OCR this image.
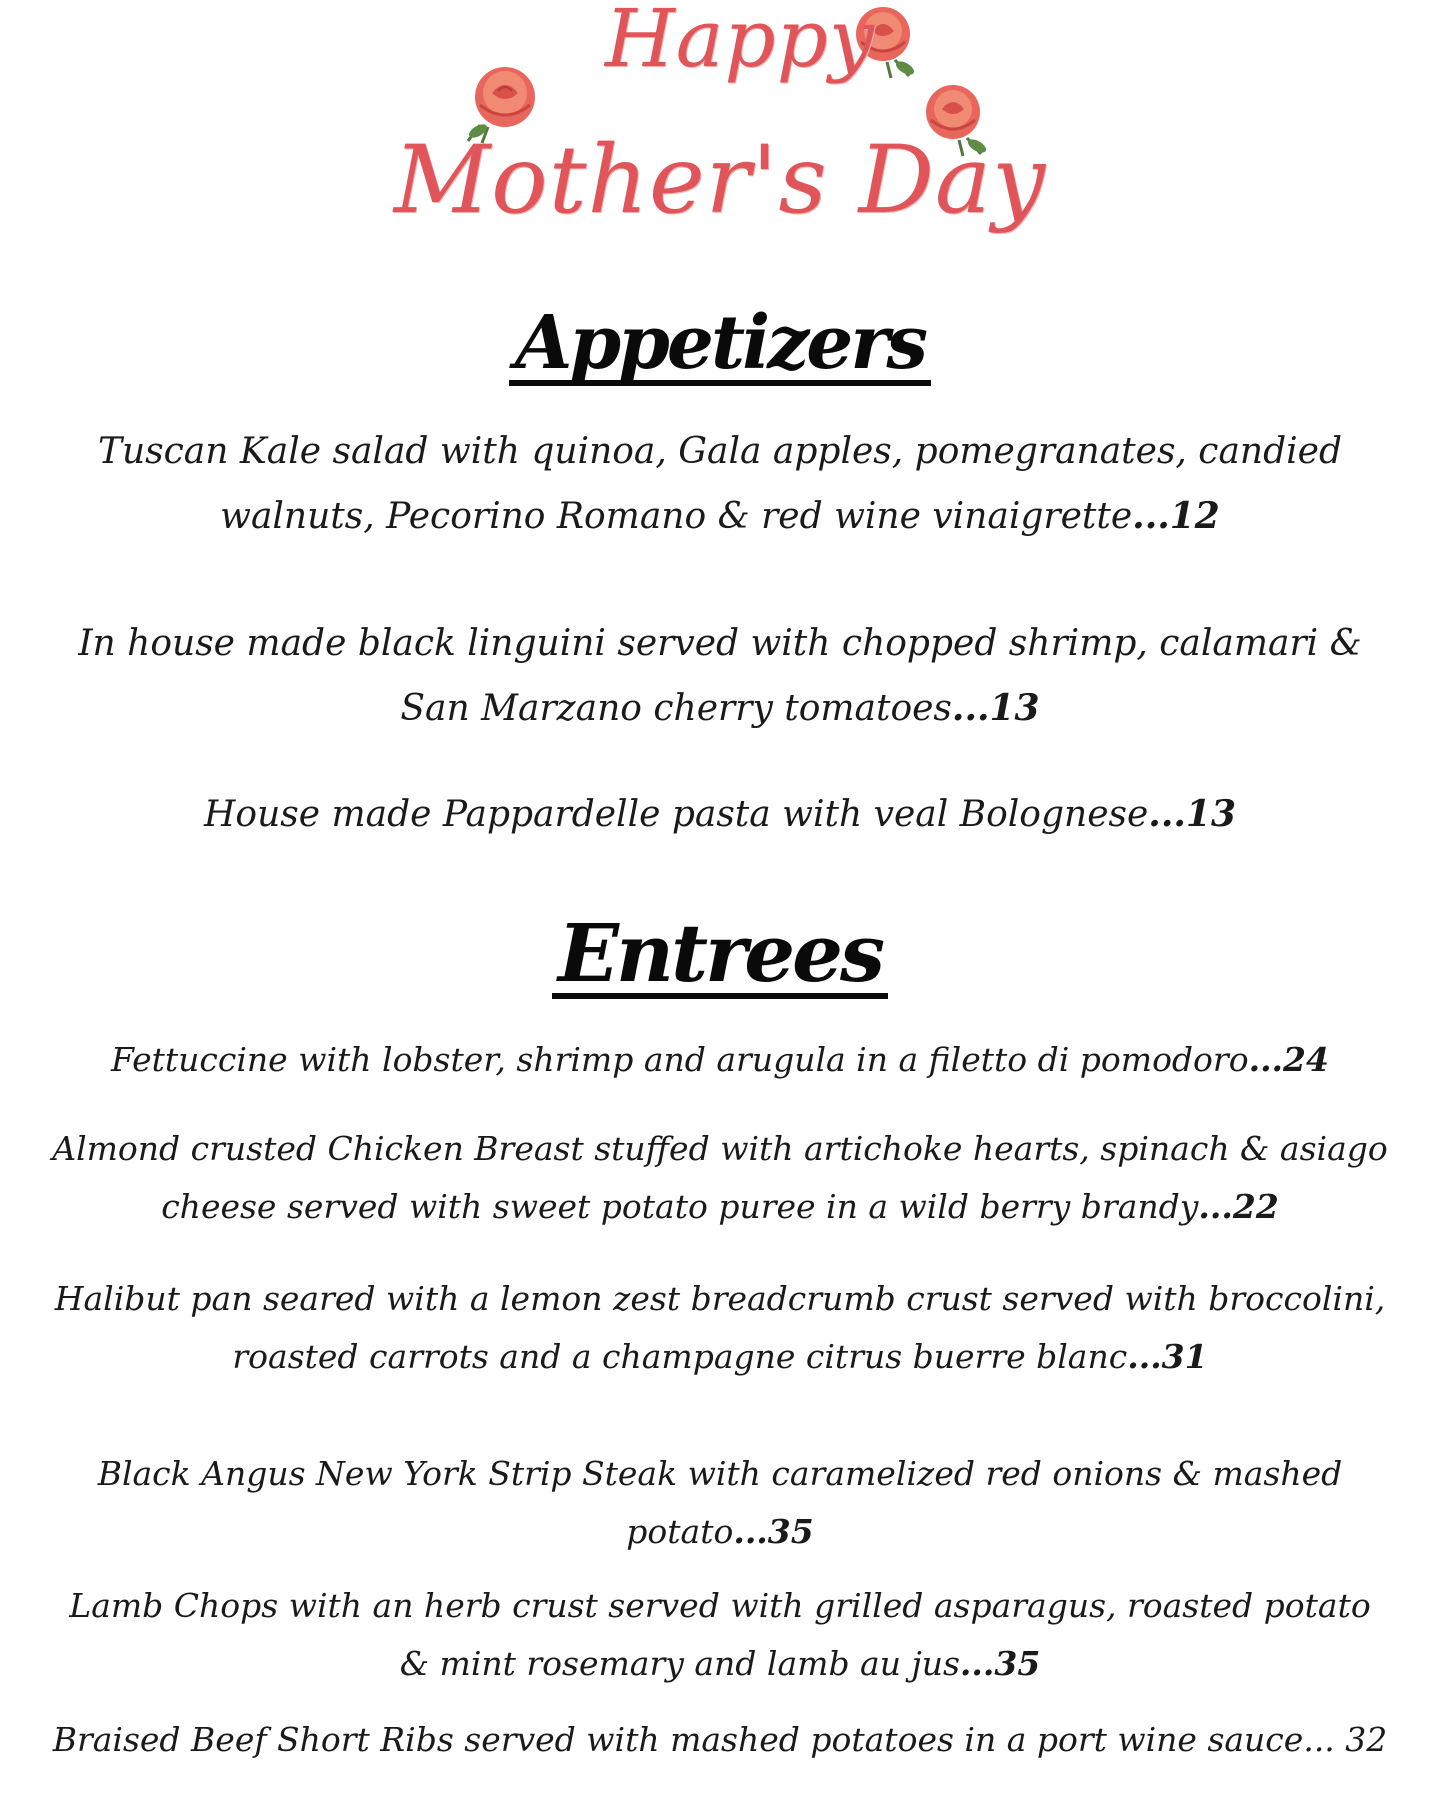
Happy
Mother's Day
Appetizers
Tuscan Kale salad with quinoa, Gala apples, pomegranates, candied walnuts, Pecorino Romano & red wine vinaigrette...12
In house made black linguini served with chopped shrimp, calamari & San Marzano cherry tomatoes...13
House made Pappardelle pasta with veal Bolognese...13
Entrees
Fettuccine with lobster, shrimp and arugula in a filetto di pomodoro...24
Almond crusted Chicken Breast stuffed with artichoke hearts, spinach & asiago cheese served with sweet potato puree in a wild berry brandy...22
Halibut pan seared with a lemon zest breadcrumb crust served with broccolini, roasted carrots and a champagne citrus buerre blanc...31
Black Angus New York Strip Steak with caramelized red onions & mashed potato...35
Lamb Chops with an herb crust served with grilled asparagus, roasted potato & mint rosemary and lamb au jus...35
Braised Beef Short Ribs served with mashed potatoes in a port wine sauce... 32
